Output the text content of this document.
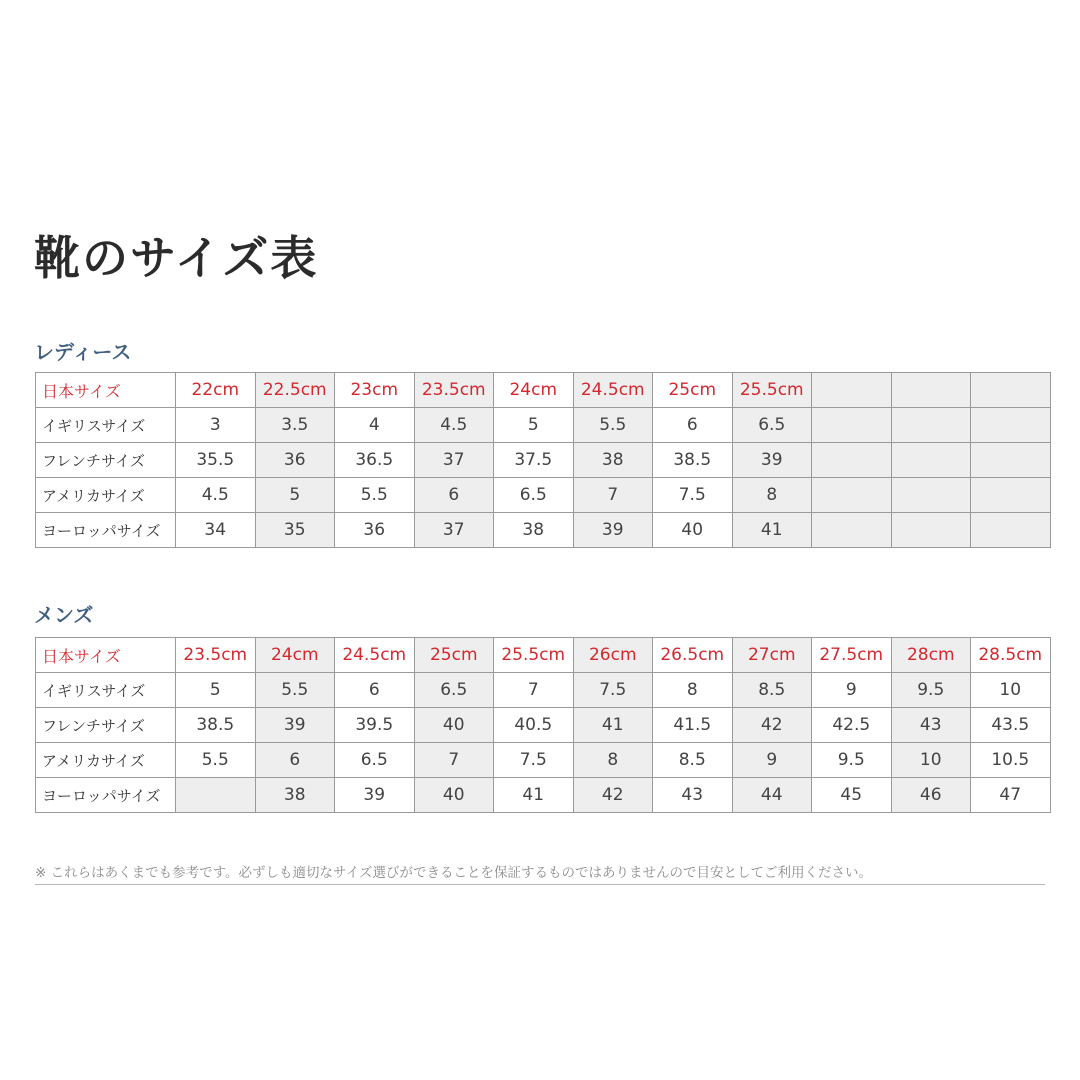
靴のサイズ表
レディース
日本サイズ	22cm	22.5cm	23cm	23.5cm	24cm	24.5cm	25cm	25.5cm			
イギリスサイズ	3	3.5	4	4.5	5	5.5	6	6.5			
フレンチサイズ	35.5	36	36.5	37	37.5	38	38.5	39			
アメリカサイズ	4.5	5	5.5	6	6.5	7	7.5	8			
ヨーロッパサイズ	34	35	36	37	38	39	40	41			
メンズ
日本サイズ	23.5cm	24cm	24.5cm	25cm	25.5cm	26cm	26.5cm	27cm	27.5cm	28cm	28.5cm
イギリスサイズ	5	5.5	6	6.5	7	7.5	8	8.5	9	9.5	10
フレンチサイズ	38.5	39	39.5	40	40.5	41	41.5	42	42.5	43	43.5
アメリカサイズ	5.5	6	6.5	7	7.5	8	8.5	9	9.5	10	10.5
ヨーロッパサイズ		38	39	40	41	42	43	44	45	46	47
※ これらはあくまでも参考です。必ずしも適切なサイズ選びができることを保証するものではありませんので目安としてご利用ください。
